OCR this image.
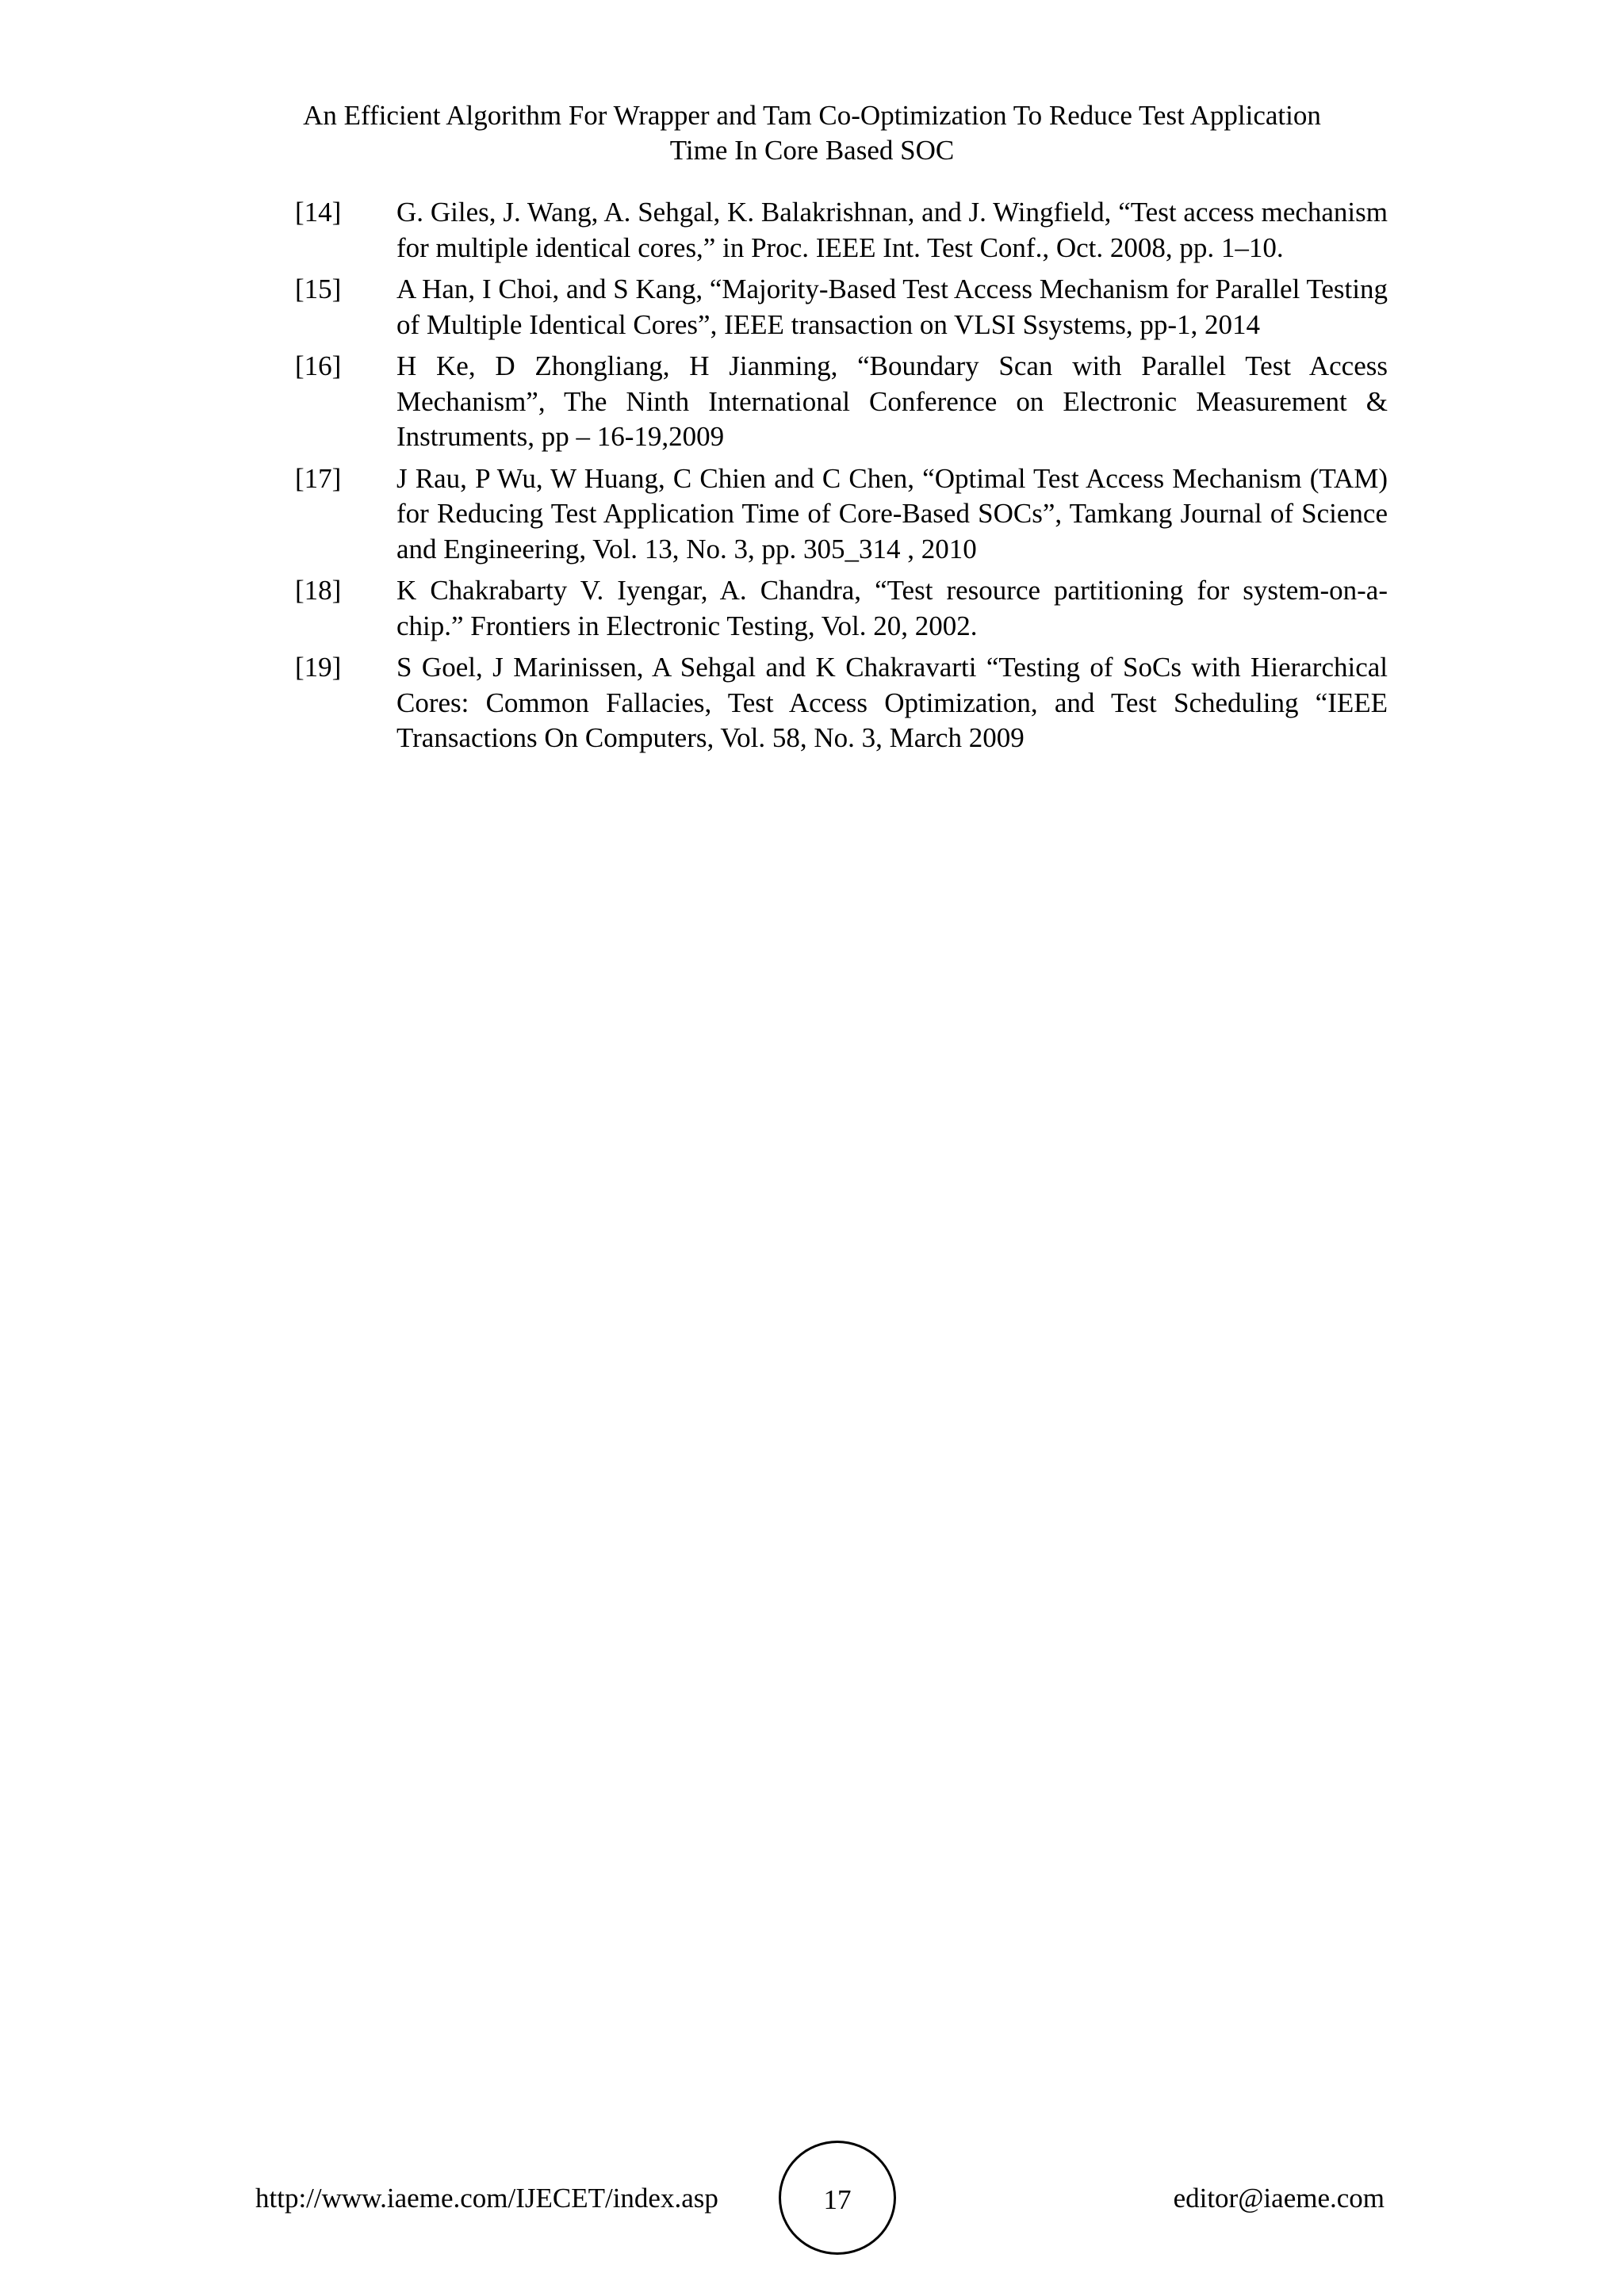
An Efficient Algorithm For Wrapper and Tam Co-Optimization To Reduce Test Application
Time In Core Based SOC
[14]	G. Giles, J. Wang, A. Sehgal, K. Balakrishnan, and J. Wingfield, “Test access mechanism for multiple identical cores,” in Proc. IEEE Int. Test Conf., Oct. 2008, pp. 1–10.
[15]	A Han, I Choi, and S Kang, “Majority-Based Test Access Mechanism for Parallel Testing of Multiple Identical Cores”, IEEE transaction on VLSI Ssystems, pp-1, 2014
[16]	H Ke, D Zhongliang, H Jianming, “Boundary Scan with Parallel Test Access Mechanism”, The Ninth International Conference on Electronic Measurement & Instruments, pp – 16-19,2009
[17]	J Rau, P Wu, W Huang, C Chien and C Chen, “Optimal Test Access Mechanism (TAM) for Reducing Test Application Time of Core-Based SOCs”, Tamkang Journal of Science and Engineering, Vol. 13, No. 3, pp. 305_314 , 2010
[18]	K Chakrabarty V. Iyengar, A. Chandra, “Test resource partitioning for system-on-a-chip.” Frontiers in Electronic Testing, Vol. 20, 2002.
[19]	S Goel, J Marinissen, A Sehgal and K Chakravarti “Testing of SoCs with Hierarchical Cores: Common Fallacies, Test Access Optimization, and Test Scheduling “IEEE Transactions On Computers, Vol. 58, No. 3, March 2009
http://www.iaeme.com/IJECET/index.asp	17	editor@iaeme.com
